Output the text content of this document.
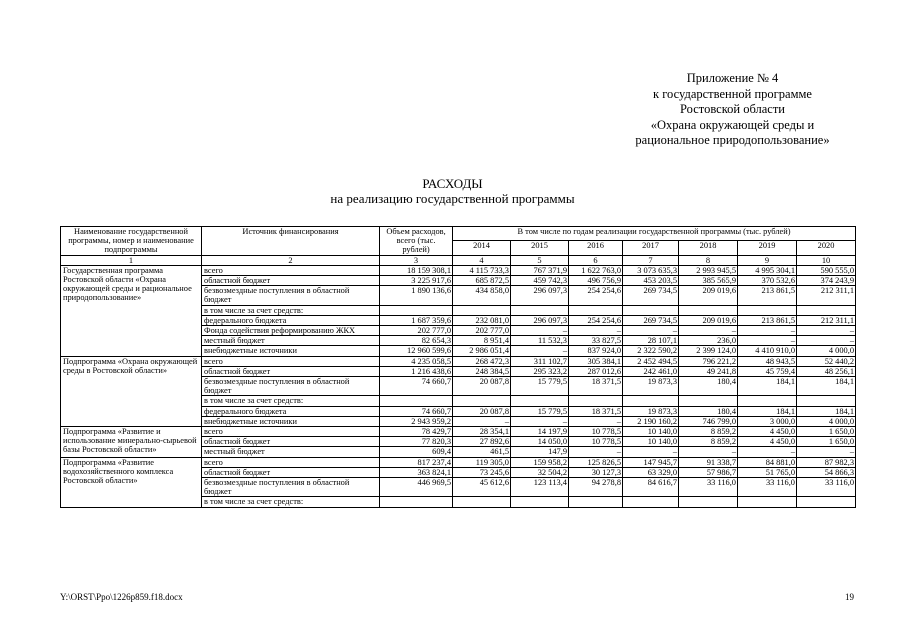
Приложение № 4
к государственной программе
Ростовской области
«Охрана окружающей среды и
рациональное природопользование»
РАСХОДЫ
на реализацию государственной программы
Наименование государственной программы, номер и наименование подпрограммы	Источник финансирования	Объем расходов, всего (тыс. рублей)	В том числе по годам реализации государственной программы (тыс. рублей)						
			2014	2015	2016	2017	2018	2019	2020
1	2	3	4	5	6	7	8	9	10
Государственная программа Ростовской области «Охрана окружающей среды и рациональное природопользование»	всего	18 159 308,1	4 115 733,3	767 371,9	1 622 763,0	3 073 635,3	2 993 945,5	4 995 304,1	590 555,0
	областной бюджет	3 225 917,6	685 872,5	459 742,3	496 756,9	453 203,5	385 565,9	370 532,6	374 243,9
	безвозмездные поступления в областной бюджет	1 890 136,6	434 858,0	296 097,3	254 254,6	269 734,5	209 019,6	213 861,5	212 311,1
	в том числе за счет средств:								
	федерального бюджета	1 687 359,6	232 081,0	296 097,3	254 254,6	269 734,5	209 019,6	213 861,5	212 311,1
	Фонда содействия реформированию ЖКХ	202 777,0	202 777,0	–	–	–	–	–	–
	местный бюджет	82 654,3	8 951,4	11 532,3	33 827,5	28 107,1	236,0	–	–
	внебюджетные источники	12 960 599,6	2 986 051,4	–	837 924,0	2 322 590,2	2 399 124,0	4 410 910,0	4 000,0
Подпрограмма «Охрана окружающей среды в Ростовской области»	всего	4 235 058,5	268 472,3	311 102,7	305 384,1	2 452 494,5	796 221,2	48 943,5	52 440,2
	областной бюджет	1 216 438,6	248 384,5	295 323,2	287 012,6	242 461,0	49 241,8	45 759,4	48 256,1
	безвозмездные поступления в областной бюджет	74 660,7	20 087,8	15 779,5	18 371,5	19 873,3	180,4	184,1	184,1
	в том числе за счет средств:								
	федерального бюджета	74 660,7	20 087,8	15 779,5	18 371,5	19 873,3	180,4	184,1	184,1
	внебюджетные источники	2 943 959,2	–	–	–	2 190 160,2	746 799,0	3 000,0	4 000,0
Подпрограмма «Развитие и использование минерально-сырьевой базы Ростовской области»	всего	78 429,7	28 354,1	14 197,9	10 778,5	10 140,0	8 859,2	4 450,0	1 650,0
	областной бюджет	77 820,3	27 892,6	14 050,0	10 778,5	10 140,0	8 859,2	4 450,0	1 650,0
	местный бюджет	609,4	461,5	147,9	–	–	–	–	–
Подпрограмма «Развитие водохозяйственного комплекса Ростовской области»	всего	817 237,4	119 305,0	159 958,2	125 826,5	147 945,7	91 338,7	84 881,0	87 982,3
	областной бюджет	363 824,1	73 245,6	32 504,2	30 127,3	63 329,0	57 986,7	51 765,0	54 866,3
	безвозмездные поступления в областной бюджет	446 969,5	45 612,6	123 113,4	94 278,8	84 616,7	33 116,0	33 116,0	33 116,0
	в том числе за счет средств:								
Y:\ORST\Ppo\1226p859.f18.docx	19
